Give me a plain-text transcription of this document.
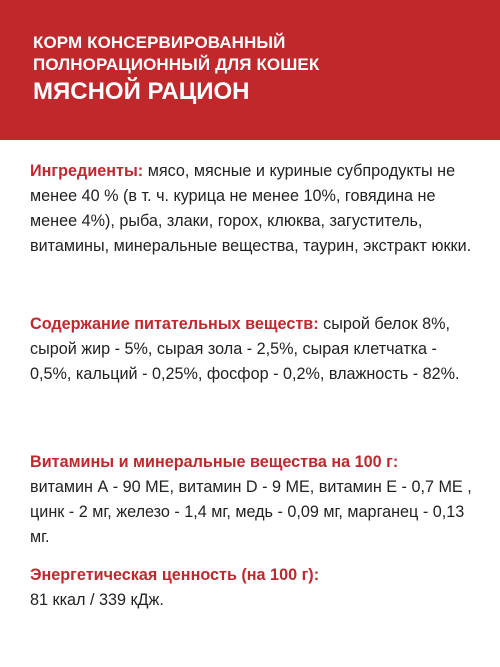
КОРМ КОНСЕРВИРОВАННЫЙ
ПОЛНОРАЦИОННЫЙ ДЛЯ КОШЕК
МЯСНОЙ РАЦИОН
Ингредиенты: мясо, мясные и куриные субпродукты не менее 40 % (в т. ч. курица не менее 10%, говядина не менее 4%), рыба, злаки, горох, клюква, загуститель, витамины, минеральные вещества, таурин, экстракт юкки.
Содержание питательных веществ: сырой белок 8%, сырой жир - 5%, сырая зола - 2,5%, сырая клетчатка - 0,5%, кальций - 0,25%, фосфор - 0,2%, влажность - 82%.
Витамины и минеральные вещества на 100 г:
витамин А - 90 МЕ, витамин D - 9 МЕ, витамин Е - 0,7 МЕ , цинк - 2 мг, железо - 1,4 мг, медь - 0,09 мг, марганец - 0,13 мг.
Энергетическая ценность (на 100 г):
81 ккал / 339 кДж.
